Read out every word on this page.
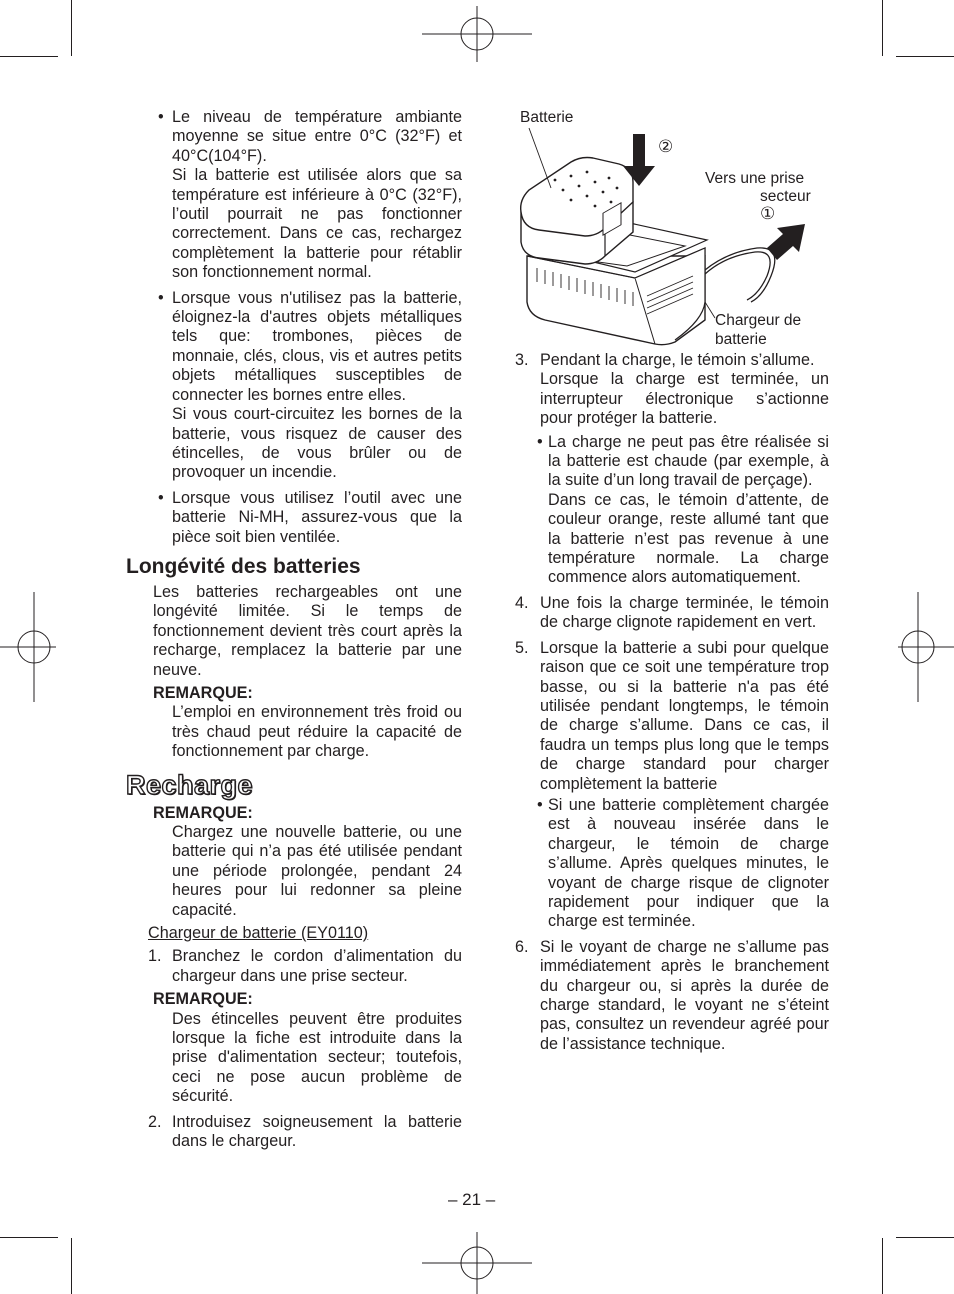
• Le niveau de température ambiante moyenne se situe entre 0°C (32°F) et 40°C(104°F).

Si la batterie est utilisée alors que sa température est inférieure à 0°C (32°F), l’outil pourrait ne pas fonctionner correctement. Dans ce cas, rechargez complètement la batterie pour rétablir son fonctionnement normal.

• Lorsque vous n'utilisez pas la batterie, éloignez-la d'autres objets métalliques tels que: trombones, pièces de monnaie, clés, clous, vis et autres petits objets métalliques susceptibles de connecter les bornes entre elles.

Si vous court-circuitez les bornes de la batterie, vous risquez de causer des étincelles, de vous brûler ou de provoquer un incendie.

• Lorsque vous utilisez l’outil avec une batterie Ni-MH, assurez-vous que la pièce soit bien ventilée.

Longévité des batteries

Les batteries rechargeables ont une longévité limitée. Si le temps de fonctionnement devient très court après la recharge, remplacez la batterie par une neuve.

REMARQUE:

L’emploi en environnement très froid ou très chaud peut réduire la capacité de fonctionnement par charge.

Recharge

REMARQUE:

Chargez une nouvelle batterie, ou une batterie qui n’a pas été utilisée pendant une période prolongée, pendant 24 heures pour lui redonner sa pleine capacité.

Chargeur de batterie (EY0110)

1. Branchez le cordon d’alimentation du chargeur dans une prise secteur.

REMARQUE:

Des étincelles peuvent être produites lorsque la fiche est introduite dans la prise d'alimentation secteur; toutefois, ceci ne pose aucun problème de sécurité.

2. Introduisez soigneusement la batterie dans le chargeur.

Batterie
②
Vers une prise
secteur
①
Chargeur de
batterie
3. Pendant la charge, le témoin s’allume.

Lorsque la charge est terminée, un interrupteur électronique s’actionne pour protéger la batterie.

• La charge ne peut pas être réalisée si la batterie est chaude (par exemple, à la suite d’un long travail de perçage).

Dans ce cas, le témoin d’attente, de couleur orange, reste allumé tant que la batterie n’est pas revenue à une température normale. La charge commence alors automatiquement.

4. Une fois la charge terminée, le témoin de charge clignote rapidement en vert.

5. Lorsque la batterie a subi pour quelque raison que ce soit une température trop basse, ou si la batterie n'a pas été utilisée pendant longtemps, le témoin de charge s’allume. Dans ce cas, il faudra un temps plus long que le temps de charge standard pour charger complètement la batterie

• Si une batterie complètement chargée est à nouveau insérée dans le chargeur, le témoin de charge s’allume. Après quelques minutes, le voyant de charge risque de clignoter rapidement pour indiquer que la charge est terminée.

6. Si le voyant de charge ne s’allume pas immédiatement après le branchement du chargeur ou, si après la durée de charge standard, le voyant ne s’éteint pas, consultez un revendeur agréé pour de l’assistance technique.

– 21 –
